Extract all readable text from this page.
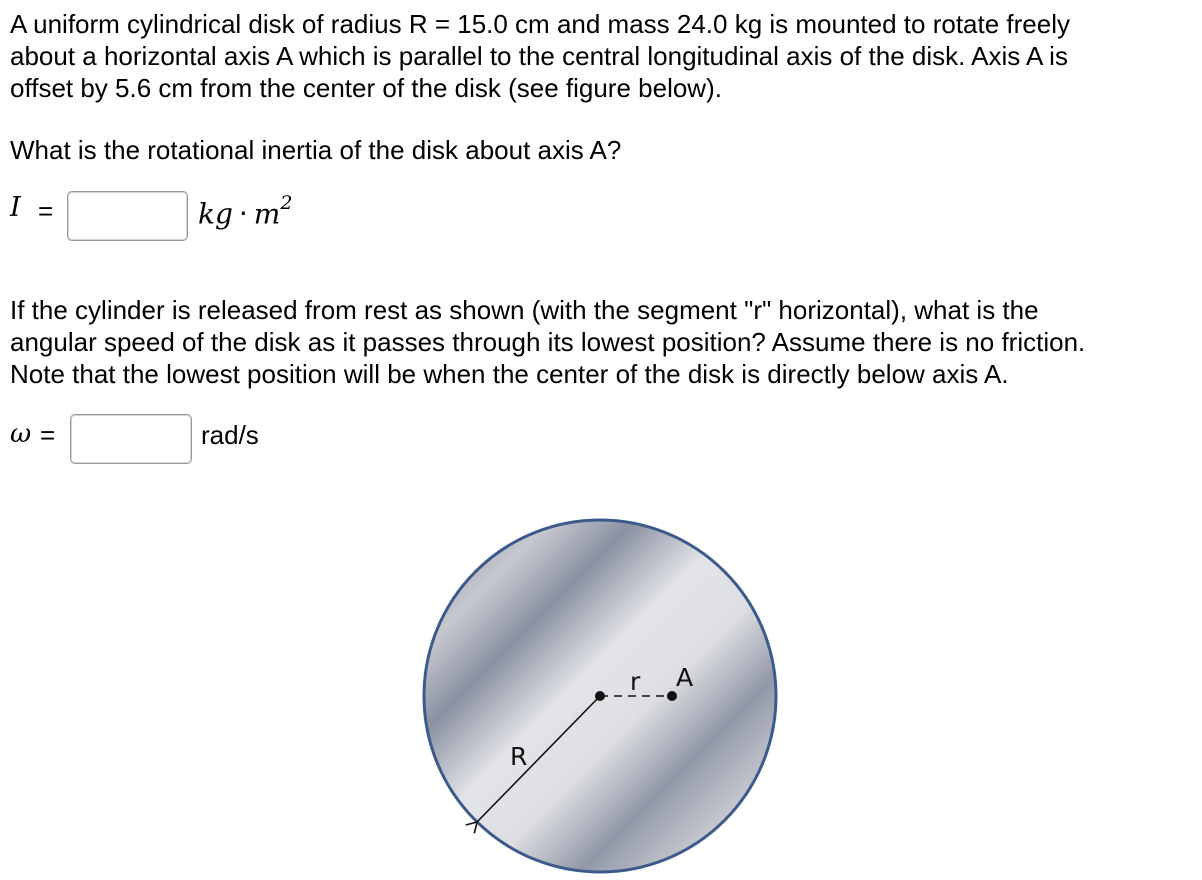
A uniform cylindrical disk of radius R = 15.0 cm and mass 24.0 kg is mounted to rotate freely
about a horizontal axis A which is parallel to the central longitudinal axis of the disk. Axis A is
offset by 5.6 cm from the center of the disk (see figure below).

What is the rotational inertia of the disk about axis A?

I =	kg · $m^2$

If the cylinder is released from rest as shown (with the segment "r" horizontal), what is the
angular speed of the disk as it passes through its lowest position? Assume there is no friction.
Note that the lowest position will be when the center of the disk is directly below axis A.

ω =	rad/s
R
r A
